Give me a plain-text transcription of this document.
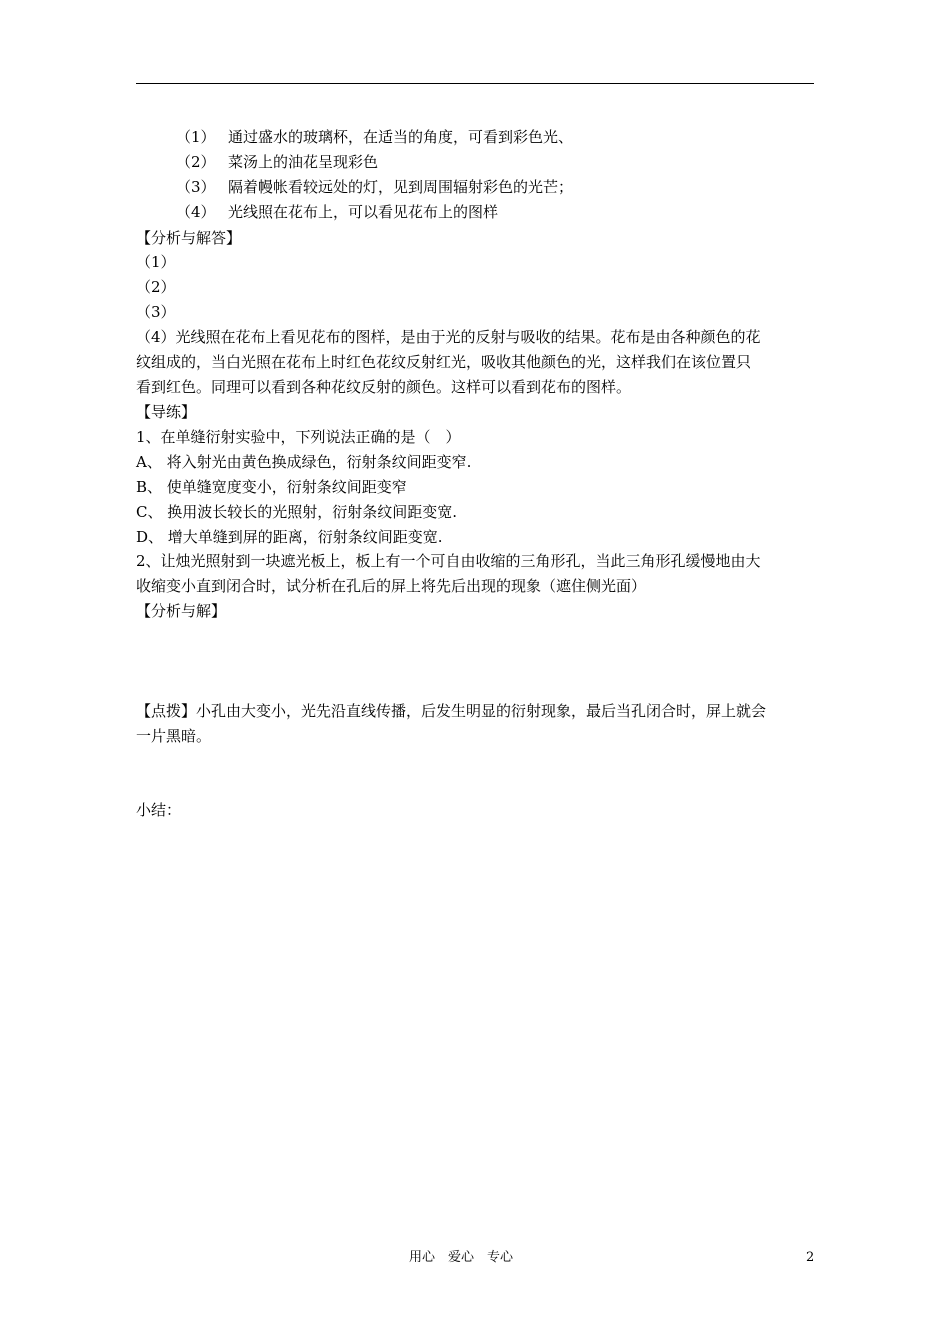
（1） 通过盛水的玻璃杯，在适当的角度，可看到彩色光、
（2） 菜汤上的油花呈现彩色
（3） 隔着幔帐看较远处的灯，见到周围辐射彩色的光芒；
（4） 光线照在花布上，可以看见花布上的图样
【分析与解答】
（1）
（2）
（3）
（4）光线照在花布上看见花布的图样，是由于光的反射与吸收的结果。花布是由各种颜色的花
纹组成的，当白光照在花布上时红色花纹反射红光，吸收其他颜色的光，这样我们在该位置只
看到红色。同理可以看到各种花纹反射的颜色。这样可以看到花布的图样。
【导练】
1、在单缝衍射实验中，下列说法正确的是（　）
A、 将入射光由黄色换成绿色，衍射条纹间距变窄.
B、 使单缝宽度变小，衍射条纹间距变窄
C、 换用波长较长的光照射，衍射条纹间距变宽.
D、 增大单缝到屏的距离，衍射条纹间距变宽.
2、让烛光照射到一块遮光板上，板上有一个可自由收缩的三角形孔，当此三角形孔缓慢地由大
收缩变小直到闭合时，试分析在孔后的屏上将先后出现的现象（遮住侧光面）
【分析与解】
【点拨】小孔由大变小，光先沿直线传播，后发生明显的衍射现象，最后当孔闭合时，屏上就会
一片黑暗。
小结：
用心　爱心　专心	2
